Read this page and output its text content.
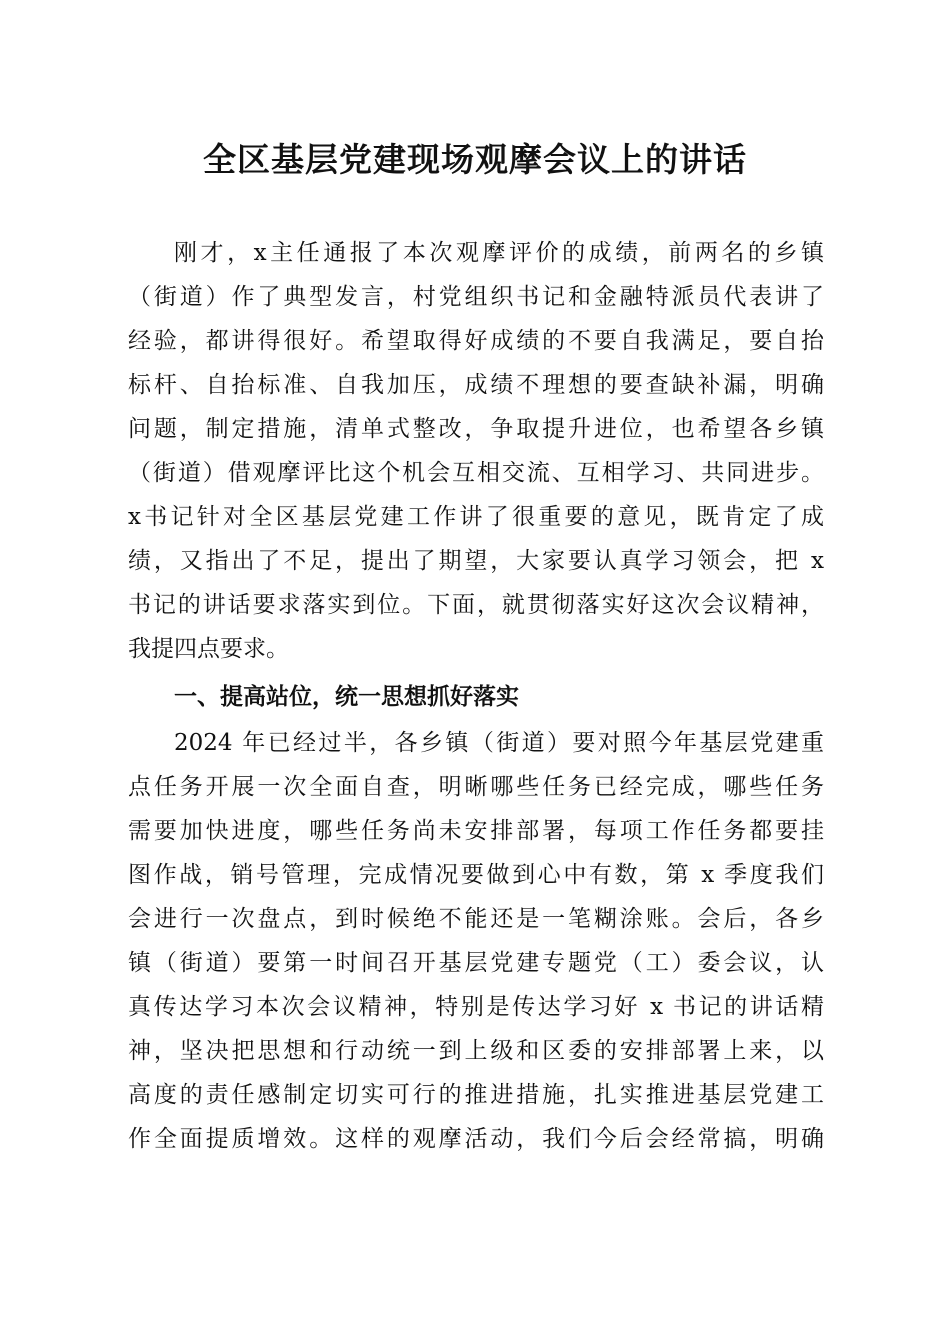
全区基层党建现场观摩会议上的讲话
刚才，x主任通报了本次观摩评价的成绩，前两名的乡镇
（街道）作了典型发言，村党组织书记和金融特派员代表讲了
经验，都讲得很好。希望取得好成绩的不要自我满足，要自抬
标杆、自抬标准、自我加压，成绩不理想的要查缺补漏，明确
问题，制定措施，清单式整改，争取提升进位，也希望各乡镇
（街道）借观摩评比这个机会互相交流、互相学习、共同进步。
x书记针对全区基层党建工作讲了很重要的意见，既肯定了成
绩，又指出了不足，提出了期望，大家要认真学习领会，把 x
书记的讲话要求落实到位。下面，就贯彻落实好这次会议精神，
我提四点要求。
一、提高站位，统一思想抓好落实
2024 年已经过半，各乡镇（街道）要对照今年基层党建重
点任务开展一次全面自查，明晰哪些任务已经完成，哪些任务
需要加快进度，哪些任务尚未安排部署，每项工作任务都要挂
图作战，销号管理，完成情况要做到心中有数，第 x 季度我们
会进行一次盘点，到时候绝不能还是一笔糊涂账。会后，各乡
镇（街道）要第一时间召开基层党建专题党（工）委会议，认
真传达学习本次会议精神，特别是传达学习好 x 书记的讲话精
神，坚决把思想和行动统一到上级和区委的安排部署上来，以
高度的责任感制定切实可行的推进措施，扎实推进基层党建工
作全面提质增效。这样的观摩活动，我们今后会经常搞，明确
